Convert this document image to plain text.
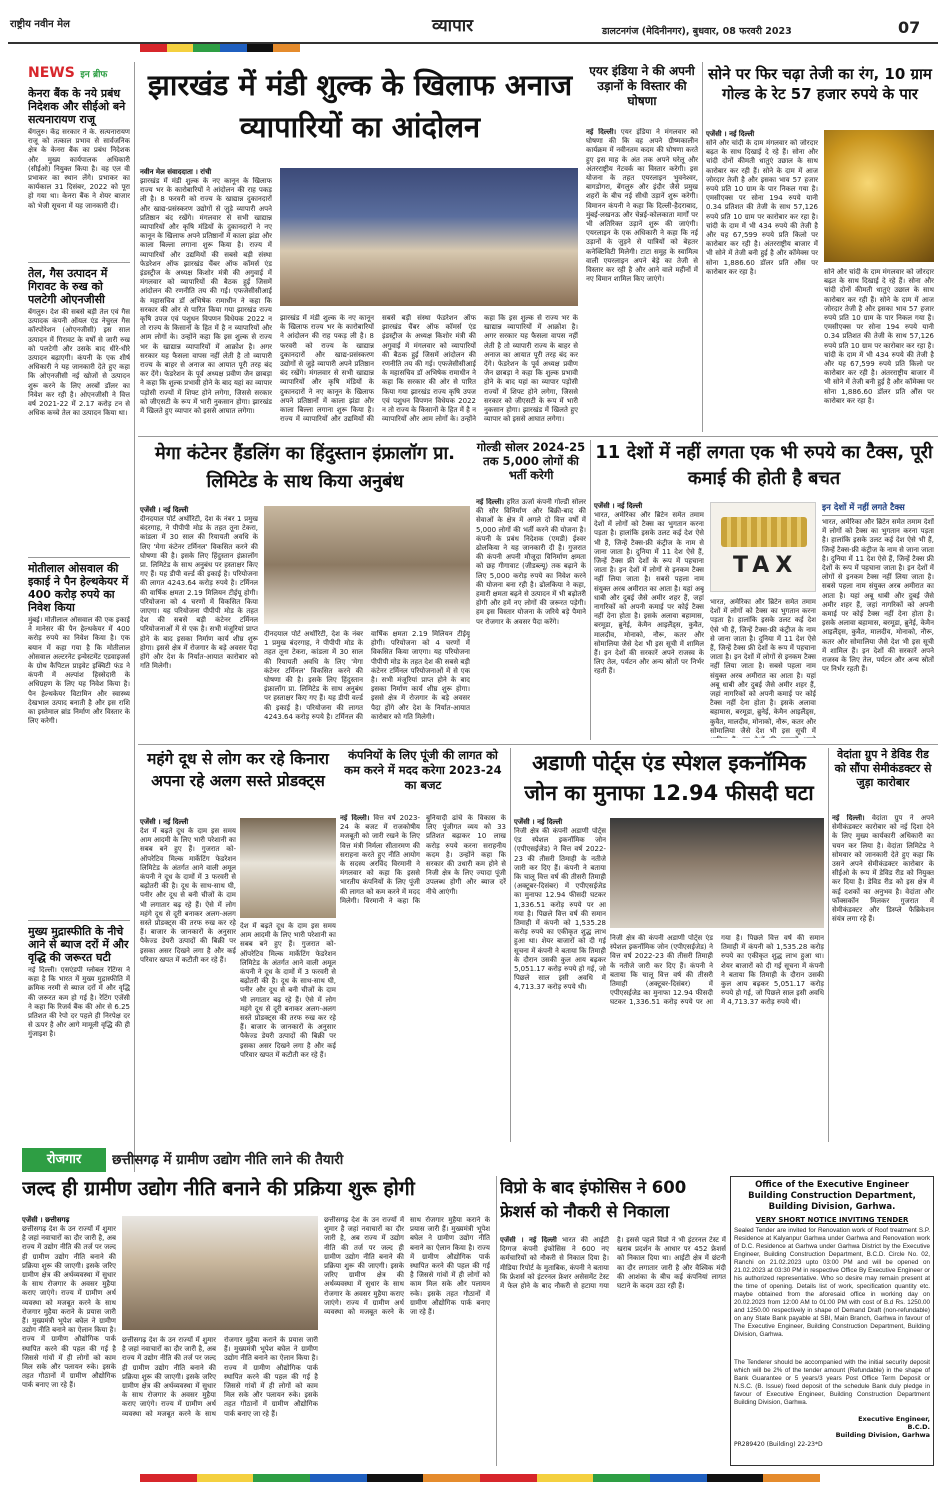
राष्ट्रीय नवीन मेल	व्यापार	डालटनगंज (मेदिनीनगर), बुधवार, 08 फरवरी 2023	07
NEWS इन ब्रीफ
केनरा बैंक के नये प्रबंध निदेशक और सीईओ बने सत्यनारायण राजू
बेंगलुरु। केंद्र सरकार ने के. सत्यनारायण राजू को तत्काल प्रभाव से सार्वजनिक क्षेत्र के केनरा बैंक का प्रबंध निदेशक और मुख्य कार्यपालक अधिकारी (सीईओ) नियुक्त किया है। वह एल वी प्रभाकर का स्थान लेंगे। प्रभाकर का कार्यकाल 31 दिसंबर, 2022 को पूरा हो गया था। केनरा बैंक ने शेयर बाजार को भेजी सूचना में यह जानकारी दी।
तेल, गैस उत्पादन में गिरावट के रुख को पलटेगी ओएनजीसी
बेंगलुरु। देश की सबसे बड़ी तेल एवं गैस उत्पादक कंपनी ऑयल एंड नेचुरल गैस कॉरपोरेशन (ओएनजीसी) इस साल उत्पादन में गिरावट के वर्षों से जारी रुख को पलटेगी और उसके बाद धीरे-धीरे उत्पादन बढ़ाएगी। कंपनी के एक शीर्ष अधिकारी ने यह जानकारी देते हुए कहा कि ओएनजीसी नई खोजों से उत्पादन शुरू करने के लिए अरबों डॉलर का निवेश कर रही है। ओएनजीसी ने वित्त वर्ष 2021-22 में 2.17 करोड़ टन से अधिक कच्चे तेल का उत्पादन किया था।
मोतीलाल ओसवाल की इकाई ने पैन हेल्थकेयर में 400 करोड़ रुपये का निवेश किया
मुंबई। मोतीलाल ओसवाल की एक इकाई ने मानेसर की पैन हेल्थकेयर में 400 करोड़ रुपये का निवेश किया है। एक बयान में कहा गया है कि मोतीलाल ओसवाल अल्टरनेट इन्वेस्टमेंट एडवाइजर्स के ग्रोथ कैपिटल प्राइवेट इक्विटी फंड ने कंपनी में अल्पांश हिस्सेदारी के अधिग्रहण के लिए यह निवेश किया है। पैन हेल्थकेयर विटामिन और स्वास्थ्य देखभाल उत्पाद बनाती है और इस राशि का इस्तेमाल ब्रांड निर्माण और विस्तार के लिए करेगी।
मुख्य मुद्रास्फीति के नीचे आने से ब्याज दरों में और वृद्धि की जरूरत घटी
नई दिल्ली। एसएंडपी ग्लोबल रेटिंग्स ने कहा है कि भारत में मुख्य मुद्रास्फीति में क्रमिक नरमी से ब्याज दरों में और वृद्धि की जरूरत कम हो गई है। रेटिंग एजेंसी ने कहा कि रिजर्व बैंक की ओर से 6.25 प्रतिशत की रेपो दर पहले ही निरपेक्ष दर से ऊपर है और आगे मामूली वृद्धि की ही गुंजाइश है।
झारखंड में मंडी शुल्क के खिलाफ अनाज व्यापारियों का आंदोलन
नवीन मेल संवाददाता । रांची
झारखंड में मंडी शुल्क के नए कानून के खिलाफ राज्य भर के कारोबारियों ने आंदोलन की राह पकड़ ली है। 8 फरवरी को राज्य के खाद्यान्न दुकानदारों और खाद्य-प्रसंस्करण उद्योगों से जुड़े व्यापारी अपने प्रतिष्ठान बंद रखेंगे। मंगलवार से सभी खाद्यान्न व्यापारियों और कृषि मंडियों के दुकानदारों ने नए कानून के खिलाफ अपने प्रतिष्ठानों में काला झंडा और काला बिल्ला लगाना शुरू किया है। राज्य में व्यापारियों और उद्यमियों की सबसे बड़ी संस्था फेडरेशन ऑफ झारखंड चैंबर ऑफ कॉमर्स एंड इंडस्ट्रीज के अध्यक्ष किशोर मंत्री की अगुवाई में मंगलवार को व्यापारियों की बैठक हुई जिसमें आंदोलन की रणनीति तय की गई। एफजेसीसीआई के महासचिव डॉ अभिषेक रामाधीन ने कहा कि सरकार की ओर से पारित किया गया झारखंड राज्य कृषि उपज एवं पशुधन विपणन विधेयक 2022 न तो राज्य के किसानों के हित में है न व्यापारियों और आम लोगों के। उन्होंने कहा कि इस शुल्क से राज्य भर के खाद्यान्न व्यापारियों में आक्रोश है। अगर सरकार यह फैसला वापस नहीं लेती है तो व्यापारी राज्य के बाहर से अनाज का आयात पूरी तरह बंद कर देंगे। फेडरेशन के पूर्व अध्यक्ष प्रवीण जैन छाबड़ा ने कहा कि शुल्क प्रभावी होने के बाद यहां का व्यापार पड़ोसी राज्यों में शिफ्ट होने लगेगा, जिससे सरकार को जीएसटी के रूप में भारी नुकसान होगा। झारखंड में खिलते हुए व्यापार को इससे आघात लगेगा।
झारखंड में मंडी शुल्क के नए कानून के खिलाफ राज्य भर के कारोबारियों ने आंदोलन की राह पकड़ ली है। 8 फरवरी को राज्य के खाद्यान्न दुकानदारों और खाद्य-प्रसंस्करण उद्योगों से जुड़े व्यापारी अपने प्रतिष्ठान बंद रखेंगे। मंगलवार से सभी खाद्यान्न व्यापारियों और कृषि मंडियों के दुकानदारों ने नए कानून के खिलाफ अपने प्रतिष्ठानों में काला झंडा और काला बिल्ला लगाना शुरू किया है। राज्य में व्यापारियों और उद्यमियों की सबसे बड़ी संस्था फेडरेशन ऑफ झारखंड चैंबर ऑफ कॉमर्स एंड इंडस्ट्रीज के अध्यक्ष किशोर मंत्री की अगुवाई में मंगलवार को व्यापारियों की बैठक हुई जिसमें आंदोलन की रणनीति तय की गई। एफजेसीसीआई के महासचिव डॉ अभिषेक रामाधीन ने कहा कि सरकार की ओर से पारित किया गया झारखंड राज्य कृषि उपज एवं पशुधन विपणन विधेयक 2022 न तो राज्य के किसानों के हित में है न व्यापारियों और आम लोगों के। उन्होंने कहा कि इस शुल्क से राज्य भर के खाद्यान्न व्यापारियों में आक्रोश है। अगर सरकार यह फैसला वापस नहीं लेती है तो व्यापारी राज्य के बाहर से अनाज का आयात पूरी तरह बंद कर देंगे। फेडरेशन के पूर्व अध्यक्ष प्रवीण जैन छाबड़ा ने कहा कि शुल्क प्रभावी होने के बाद यहां का व्यापार पड़ोसी राज्यों में शिफ्ट होने लगेगा, जिससे सरकार को जीएसटी के रूप में भारी नुकसान होगा। झारखंड में खिलते हुए व्यापार को इससे आघात लगेगा।
एयर इंडिया ने की अपनी उड़ानों के विस्तार की घोषणा
नई दिल्ली। एयर इंडिया ने मंगलवार को घोषणा की कि वह अपने ग्रीष्मकालीन कार्यक्रम में नवीनतम कदम की घोषणा करते हुए इस माह के अंत तक अपने घरेलू और अंतरराष्ट्रीय नेटवर्क का विस्तार करेगी। इस योजना के तहत एयरलाइन भुवनेश्वर, बागडोगरा, बेंगलुरु और इंदौर जैसे प्रमुख शहरों के बीच नई सीधी उड़ानें शुरू करेगी। विमानन कंपनी ने कहा कि दिल्ली-हैदराबाद, मुंबई-लखनऊ और चेन्नई-कोलकाता मार्गों पर भी अतिरिक्त उड़ानें शुरू की जाएंगी। एयरलाइन के एक अधिकारी ने कहा कि नई उड़ानों के जुड़ने से यात्रियों को बेहतर कनेक्टिविटी मिलेगी। टाटा समूह के स्वामित्व वाली एयरलाइन अपने बेड़े का तेजी से विस्तार कर रही है और आने वाले महीनों में नए विमान शामिल किए जाएंगे।
सोने पर फिर चढ़ा तेजी का रंग, 10 ग्राम गोल्ड के रेट 57 हजार रुपये के पार
एजेंसी । नई दिल्ली
सोने और चांदी के दाम मंगलवार को जोरदार बढ़त के साथ दिखाई दे रहे हैं। सोना और चांदी दोनों कीमती धातुएं उछाल के साथ कारोबार कर रही हैं। सोने के दाम में आज जोरदार तेजी है और इसका भाव 57 हजार रुपये प्रति 10 ग्राम के पार निकल गया है। एमसीएक्स पर सोना 194 रुपये यानी 0.34 प्रतिशत की तेजी के साथ 57,126 रुपये प्रति 10 ग्राम पर कारोबार कर रहा है। चांदी के दाम में भी 434 रुपये की तेजी है और यह 67,599 रुपये प्रति किलो पर कारोबार कर रही है। अंतरराष्ट्रीय बाजार में भी सोने में तेजी बनी हुई है और कॉमेक्स पर सोना 1,886.60 डॉलर प्रति औंस पर कारोबार कर रहा है।	सोने और चांदी के दाम मंगलवार को जोरदार बढ़त के साथ दिखाई दे रहे हैं। सोना और चांदी दोनों कीमती धातुएं उछाल के साथ कारोबार कर रही हैं। सोने के दाम में आज जोरदार तेजी है और इसका भाव 57 हजार रुपये प्रति 10 ग्राम के पार निकल गया है। एमसीएक्स पर सोना 194 रुपये यानी 0.34 प्रतिशत की तेजी के साथ 57,126 रुपये प्रति 10 ग्राम पर कारोबार कर रहा है। चांदी के दाम में भी 434 रुपये की तेजी है और यह 67,599 रुपये प्रति किलो पर कारोबार कर रही है। अंतरराष्ट्रीय बाजार में भी सोने में तेजी बनी हुई है और कॉमेक्स पर सोना 1,886.60 डॉलर प्रति औंस पर कारोबार कर रहा है।
मेगा कंटेनर हैंडलिंग का हिंदुस्तान इंफ्रालॉग प्रा. लिमिटेड के साथ किया अनुबंध
एजेंसी । नई दिल्ली
दीनदयाल पोर्ट अथॉरिटी, देश के नंबर 1 प्रमुख बंदरगाह, ने पीपीपी मोड के तहत तूना टेकरा, कांडला में 30 साल की रियायती अवधि के लिए 'मेगा कंटेनर टर्मिनल' विकसित करने की घोषणा की है। इसके लिए हिंदुस्तान इंफ्रालॉग प्रा. लिमिटेड के साथ अनुबंध पर हस्ताक्षर किए गए हैं। यह डीपी वर्ल्ड की इकाई है। परियोजना की लागत 4243.64 करोड़ रुपये है। टर्मिनल की वार्षिक क्षमता 2.19 मिलियन टीईयू होगी। परियोजना को 4 चरणों में विकसित किया जाएगा। यह परियोजना पीपीपी मोड के तहत देश की सबसे बड़ी कंटेनर टर्मिनल परियोजनाओं में से एक है। सभी मंजूरियां प्राप्त होने के बाद इसका निर्माण कार्य शीघ्र शुरू होगा। इससे क्षेत्र में रोजगार के बड़े अवसर पैदा होंगे और देश के निर्यात-आयात कारोबार को गति मिलेगी।
दीनदयाल पोर्ट अथॉरिटी, देश के नंबर 1 प्रमुख बंदरगाह, ने पीपीपी मोड के तहत तूना टेकरा, कांडला में 30 साल की रियायती अवधि के लिए 'मेगा कंटेनर टर्मिनल' विकसित करने की घोषणा की है। इसके लिए हिंदुस्तान इंफ्रालॉग प्रा. लिमिटेड के साथ अनुबंध पर हस्ताक्षर किए गए हैं। यह डीपी वर्ल्ड की इकाई है। परियोजना की लागत 4243.64 करोड़ रुपये है। टर्मिनल की वार्षिक क्षमता 2.19 मिलियन टीईयू होगी। परियोजना को 4 चरणों में विकसित किया जाएगा। यह परियोजना पीपीपी मोड के तहत देश की सबसे बड़ी कंटेनर टर्मिनल परियोजनाओं में से एक है। सभी मंजूरियां प्राप्त होने के बाद इसका निर्माण कार्य शीघ्र शुरू होगा। इससे क्षेत्र में रोजगार के बड़े अवसर पैदा होंगे और देश के निर्यात-आयात कारोबार को गति मिलेगी।
गोल्डी सोलर 2024-25 तक 5,000 लोगों की भर्ती करेगी
नई दिल्ली। हरित ऊर्जा कंपनी गोल्डी सोलर की सौर विनिर्माण और बिक्री-बाद की सेवाओं के क्षेत्र में अगले दो वित्त वर्षों में 5,000 लोगों की भर्ती करने की योजना है। कंपनी के प्रबंध निदेशक (एमडी) ईश्वर ढोलकिया ने यह जानकारी दी है। गुजरात की कंपनी अपनी मौजूदा विनिर्माण क्षमता को छह गीगावाट (जीडब्ल्यू) तक बढ़ाने के लिए 5,000 करोड़ रुपये का निवेश करने की योजना बना रही है। ढोलकिया ने कहा, हमारी क्षमता बढ़ने से उत्पादन में भी बढ़ोतरी होगी और हमें नए लोगों की जरूरत पड़ेगी। हम इस विस्तार योजना के जरिये बड़े पैमाने पर रोजगार के अवसर पैदा करेंगे।
11 देशों में नहीं लगता एक भी रुपये का टैक्स, पूरी कमाई की होती है बचत
एजेंसी । नई दिल्ली
भारत, अमेरिका और ब्रिटेन समेत तमाम देशों में लोगों को टैक्स का भुगतान करना पड़ता है। हालांकि इसके उलट कई देश ऐसे भी हैं, जिन्हें टैक्स-फ्री कंट्रीज के नाम से जाना जाता है। दुनिया में 11 देश ऐसे हैं, जिन्हें टैक्स फ्री देशों के रूप में पहचाना जाता है। इन देशों में लोगों से इनकम टैक्स नहीं लिया जाता है। सबसे पहला नाम संयुक्त अरब अमीरात का आता है। यहां अबू धाबी और दुबई जैसे अमीर शहर हैं, जहां नागरिकों को अपनी कमाई पर कोई टैक्स नहीं देना होता है। इसके अलावा बहामास, बरमूडा, ब्रुनेई, केमैन आइलैंड्स, कुवैत, मालदीव, मोनाको, नौरू, कतर और सोमालिया जैसे देश भी इस सूची में शामिल हैं। इन देशों की सरकारें अपने राजस्व के लिए तेल, पर्यटन और अन्य स्रोतों पर निर्भर रहती हैं।
TAX
भारत, अमेरिका और ब्रिटेन समेत तमाम देशों में लोगों को टैक्स का भुगतान करना पड़ता है। हालांकि इसके उलट कई देश ऐसे भी हैं, जिन्हें टैक्स-फ्री कंट्रीज के नाम से जाना जाता है। दुनिया में 11 देश ऐसे हैं, जिन्हें टैक्स फ्री देशों के रूप में पहचाना जाता है। इन देशों में लोगों से इनकम टैक्स नहीं लिया जाता है। सबसे पहला नाम संयुक्त अरब अमीरात का आता है। यहां अबू धाबी और दुबई जैसे अमीर शहर हैं, जहां नागरिकों को अपनी कमाई पर कोई टैक्स नहीं देना होता है। इसके अलावा बहामास, बरमूडा, ब्रुनेई, केमैन आइलैंड्स, कुवैत, मालदीव, मोनाको, नौरू, कतर और सोमालिया जैसे देश भी इस सूची में
इन देशों में नहीं लगते टैक्स
भारत, अमेरिका और ब्रिटेन समेत तमाम देशों में लोगों को टैक्स का भुगतान करना पड़ता है। हालांकि इसके उलट कई देश ऐसे भी हैं, जिन्हें टैक्स-फ्री कंट्रीज के नाम से जाना जाता है। दुनिया में 11 देश ऐसे हैं, जिन्हें टैक्स फ्री देशों के रूप में पहचाना जाता है। इन देशों में लोगों से इनकम टैक्स नहीं लिया जाता है। सबसे पहला नाम संयुक्त अरब अमीरात का आता है। यहां अबू धाबी और दुबई जैसे अमीर शहर हैं, जहां नागरिकों को अपनी कमाई पर कोई टैक्स नहीं देना होता है। इसके अलावा बहामास, बरमूडा, ब्रुनेई, केमैन आइलैंड्स, कुवैत, मालदीव, मोनाको, नौरू, कतर और सोमालिया जैसे देश भी इस सूची में शामिल हैं। इन देशों की सरकारें अपने राजस्व के लिए तेल, पर्यटन और अन्य स्रोतों पर निर्भर रहती हैं।
महंगे दूध से लोग कर रहे किनारा अपना रहे अलग सस्ते प्रोडक्ट्स
एजेंसी । नई दिल्ली
देश में बढ़ते दूध के दाम इस समय आम आदमी के लिए भारी परेशानी का सबब बने हुए हैं। गुजरात को-ऑपरेटिव मिल्क मार्केटिंग फेडरेशन लिमिटेड के अंतर्गत आने वाली अमूल कंपनी ने दूध के दामों में 3 फरवरी से बढ़ोतरी की है। दूध के साथ-साथ घी, पनीर और दूध से बनी चीजों के दाम भी लगातार बढ़ रहे हैं। ऐसे में लोग महंगे दूध से दूरी बनाकर अलग-अलग सस्ते प्रोडक्ट्स की तरफ रुख कर रहे हैं। बाजार के जानकारों के अनुसार पैकेज्ड डेयरी उत्पादों की बिक्री पर इसका असर दिखने लगा है और कई परिवार खपत में कटौती कर रहे हैं।
देश में बढ़ते दूध के दाम इस समय आम आदमी के लिए भारी परेशानी का सबब बने हुए हैं। गुजरात को-ऑपरेटिव मिल्क मार्केटिंग फेडरेशन लिमिटेड के अंतर्गत आने वाली अमूल कंपनी ने दूध के दामों में 3 फरवरी से बढ़ोतरी की है। दूध के साथ-साथ घी, पनीर और दूध से बनी चीजों के दाम भी लगातार बढ़ रहे हैं। ऐसे में लोग महंगे दूध से दूरी बनाकर अलग-अलग सस्ते प्रोडक्ट्स की तरफ रुख कर रहे हैं। बाजार के जानकारों के अनुसार पैकेज्ड डेयरी उत्पादों की बिक्री पर इसका असर दिखने लगा है और कई परिवार खपत में कटौती कर रहे हैं।
कंपनियों के लिए पूंजी की लागत को कम करने में मदद करेगा 2023-24 का बजट
नई दिल्ली। वित्त वर्ष 2023-24 के बजट में राजकोषीय मजबूती को जारी रखने के लिए वित्त मंत्री निर्मला सीतारमण की सराहना करते हुए नीति आयोग के सदस्य अरविंद विरमानी ने मंगलवार को कहा कि इससे भारतीय कंपनियों के लिए पूंजी की लागत को कम करने में मदद मिलेगी। विरमानी ने कहा कि बुनियादी ढांचे के विकास के लिए पूंजीगत व्यय को 33 प्रतिशत बढ़ाकर 10 लाख करोड़ रुपये करना सराहनीय कदम है। उन्होंने कहा कि सरकार की उधारी कम होने से निजी क्षेत्र के लिए ज्यादा पूंजी उपलब्ध होगी और ब्याज दरें नीचे आएंगी।
अडाणी पोर्ट्स एंड स्पेशल इकनॉमिक जोन का मुनाफा 12.94 फीसदी घटा
एजेंसी । नई दिल्ली
निजी क्षेत्र की कंपनी अडाणी पोर्ट्स एंड स्पेशल इकनॉमिक जोन (एपीएसईजेड) ने वित्त वर्ष 2022-23 की तीसरी तिमाही के नतीजे जारी कर दिए हैं। कंपनी ने बताया कि चालू वित्त वर्ष की तीसरी तिमाही (अक्टूबर-दिसंबर) में एपीएसईजेड का मुनाफा 12.94 फीसदी घटकर 1,336.51 करोड़ रुपये पर आ गया है। पिछले वित्त वर्ष की समान तिमाही में कंपनी को 1,535.28 करोड़ रुपये का एकीकृत शुद्ध लाभ हुआ था। शेयर बाजारों को दी गई सूचना में कंपनी ने बताया कि तिमाही के दौरान उसकी कुल आय बढ़कर 5,051.17 करोड़ रुपये हो गई, जो पिछले साल इसी अवधि में 4,713.37 करोड़ रुपये थी।
निजी क्षेत्र की कंपनी अडाणी पोर्ट्स एंड स्पेशल इकनॉमिक जोन (एपीएसईजेड) ने वित्त वर्ष 2022-23 की तीसरी तिमाही के नतीजे जारी कर दिए हैं। कंपनी ने बताया कि चालू वित्त वर्ष की तीसरी तिमाही (अक्टूबर-दिसंबर) में एपीएसईजेड का मुनाफा 12.94 फीसदी घटकर 1,336.51 करोड़ रुपये पर आ गया है। पिछले वित्त वर्ष की समान तिमाही में कंपनी को 1,535.28 करोड़ रुपये का एकीकृत शुद्ध लाभ हुआ था। शेयर बाजारों को दी गई सूचना में कंपनी ने बताया कि तिमाही के दौरान उसकी कुल आय बढ़कर 5,051.17 करोड़ रुपये हो गई, जो पिछले साल इसी अवधि में 4,713.37 करोड़ रुपये थी।
वेदांता ग्रुप ने डेविड रीड को सौंपा सेमीकंडक्टर से जुड़ा कारोबार
नई दिल्ली। वेदांता ग्रुप ने अपने सेमीकंडक्टर कारोबार को नई दिशा देने के लिए मुख्य कार्यकारी अधिकारी का चयन कर लिया है। वेदांता लिमिटेड ने सोमवार को जानकारी देते हुए कहा कि उसने अपने सेमीकंडक्टर कारोबार के सीईओ के रूप में डेविड रीड को नियुक्त कर दिया है। डेविड रीड को इस क्षेत्र में कई दशकों का अनुभव है। वेदांता और फॉक्सकॉन मिलकर गुजरात में सेमीकंडक्टर और डिस्प्ले फैब्रिकेशन संयंत्र लगा रहे हैं।
रोजगार	छत्तीसगढ़ में ग्रामीण उद्योग नीति लाने की तैयारी
जल्द ही ग्रामीण उद्योग नीति बनाने की प्रक्रिया शुरू होगी
एजेंसी । छत्तीसगढ़
छत्तीसगढ़ देश के उन राज्यों में शुमार है जहां नवाचारों का दौर जारी है, अब राज्य में उद्योग नीति की तर्ज पर जल्द ही ग्रामीण उद्योग नीति बनाने की प्रक्रिया शुरू की जाएगी। इसके जरिए ग्रामीण क्षेत्र की अर्थव्यवस्था में सुधार के साथ रोजगार के अवसर मुहैया कराए जाएंगे। राज्य में ग्रामीण अर्थ व्यवस्था को मजबूत करने के साथ रोजगार मुहैया कराने के प्रयास जारी हैं। मुख्यमंत्री भूपेश बघेल ने ग्रामीण उद्योग नीति बनाने का ऐलान किया है। राज्य में ग्रामीण औद्योगिक पार्क स्थापित करने की पहल की गई है जिससे गांवों में ही लोगों को काम मिल सके और पलायन रुके। इसके तहत गौठानों में ग्रामीण औद्योगिक पार्क बनाए जा रहे हैं।
छत्तीसगढ़ देश के उन राज्यों में शुमार है जहां नवाचारों का दौर जारी है, अब राज्य में उद्योग नीति की तर्ज पर जल्द ही ग्रामीण उद्योग नीति बनाने की प्रक्रिया शुरू की जाएगी। इसके जरिए ग्रामीण क्षेत्र की अर्थव्यवस्था में सुधार के साथ रोजगार के अवसर मुहैया कराए जाएंगे। राज्य में ग्रामीण अर्थ व्यवस्था को मजबूत करने के साथ रोजगार मुहैया कराने के प्रयास जारी हैं। मुख्यमंत्री भूपेश बघेल ने ग्रामीण उद्योग नीति बनाने का ऐलान किया है। राज्य में ग्रामीण औद्योगिक पार्क स्थापित करने की पहल की गई है जिससे गांवों में ही लोगों को काम मिल सके और पलायन रुके। इसके तहत गौठानों में ग्रामीण औद्योगिक पार्क बनाए जा रहे हैं।
छत्तीसगढ़ देश के उन राज्यों में शुमार है जहां नवाचारों का दौर जारी है, अब राज्य में उद्योग नीति की तर्ज पर जल्द ही ग्रामीण उद्योग नीति बनाने की प्रक्रिया शुरू की जाएगी। इसके जरिए ग्रामीण क्षेत्र की अर्थव्यवस्था में सुधार के साथ रोजगार के अवसर मुहैया कराए जाएंगे। राज्य में ग्रामीण अर्थ व्यवस्था को मजबूत करने के साथ रोजगार मुहैया कराने के प्रयास जारी हैं। मुख्यमंत्री भूपेश बघेल ने ग्रामीण उद्योग नीति बनाने का ऐलान किया है। राज्य में ग्रामीण औद्योगिक पार्क स्थापित करने की पहल की गई है जिससे गांवों में ही लोगों को काम मिल सके और पलायन रुके। इसके तहत गौठानों में ग्रामीण औद्योगिक पार्क बनाए जा रहे हैं।
विप्रो के बाद इंफोसिस ने 600 फ्रेशर्स को नौकरी से निकाला
एजेंसी । नई दिल्ली भारत की आईटी दिग्गज कंपनी इंफोसिस ने 600 नए कर्मचारियों को नौकरी से निकाल दिया है। मीडिया रिपोर्ट के मुताबिक, कंपनी ने बताया कि फ्रेशर्स को इंटरनल फ्रेशर असेसमेंट टेस्ट में फेल होने के बाद नौकरी से हटाया गया है। इससे पहले विप्रो ने भी इंटरनल टेस्ट में खराब प्रदर्शन के आधार पर 452 फ्रेशर्स को निकाल दिया था। आईटी क्षेत्र में छंटनी का दौर लगातार जारी है और वैश्विक मंदी की आशंका के बीच कई कंपनियां लागत घटाने के कदम उठा रही हैं।
Office of the Executive Engineer
Building Construction Department,
Building Division, Garhwa.
VERY SHORT NOTICE INVITING TENDER
Sealed Tender are invited for Renovation work of Roof treatment S.P. Residence at Kalyanpur Garhwa under Garhwa and Renovation work of D.C. Residence at Garhwa under Garhwa District by the Executive Engineer, Building Construction Department, B.C.D. Circle No. 02, Ranchi on 21.02.2023 upto 03:00 PM and will be opened on 21.02.2023 at 03:30 PM in respective Office By Executive Engineer or his authorized representative. Who so desire may remain present at the time of opening. Details list of work, specification quantity etc. maybe obtained from the aforesaid office in working day on 20.02.2023 from 12:00 AM to 01:00 PM with cost of B.d Rs. 1250.00 and 1250.00 respectively in shape of Demand Draft (non-refundable) on any State Bank payable at SBI, Main Branch, Garhwa in favour of The Executive Engineer, Building Construction Department, Building Division, Garhwa.
The Tenderer should be accompanied with the initial security deposit which will be 2% of the tender amount (Refundable) in the shape of Bank Guarantee or 5 years/3 years Post Office Term Deposit or N.S.C. (B. Issue) fixed deposit of the schedule Bank duly pledge in favour of Executive Engineer, Building Construction Department Building Division, Garhwa.
Executive Engineer,
B.C.D.
Building Division, Garhwa
PR289420 (Building) 22-23*D
